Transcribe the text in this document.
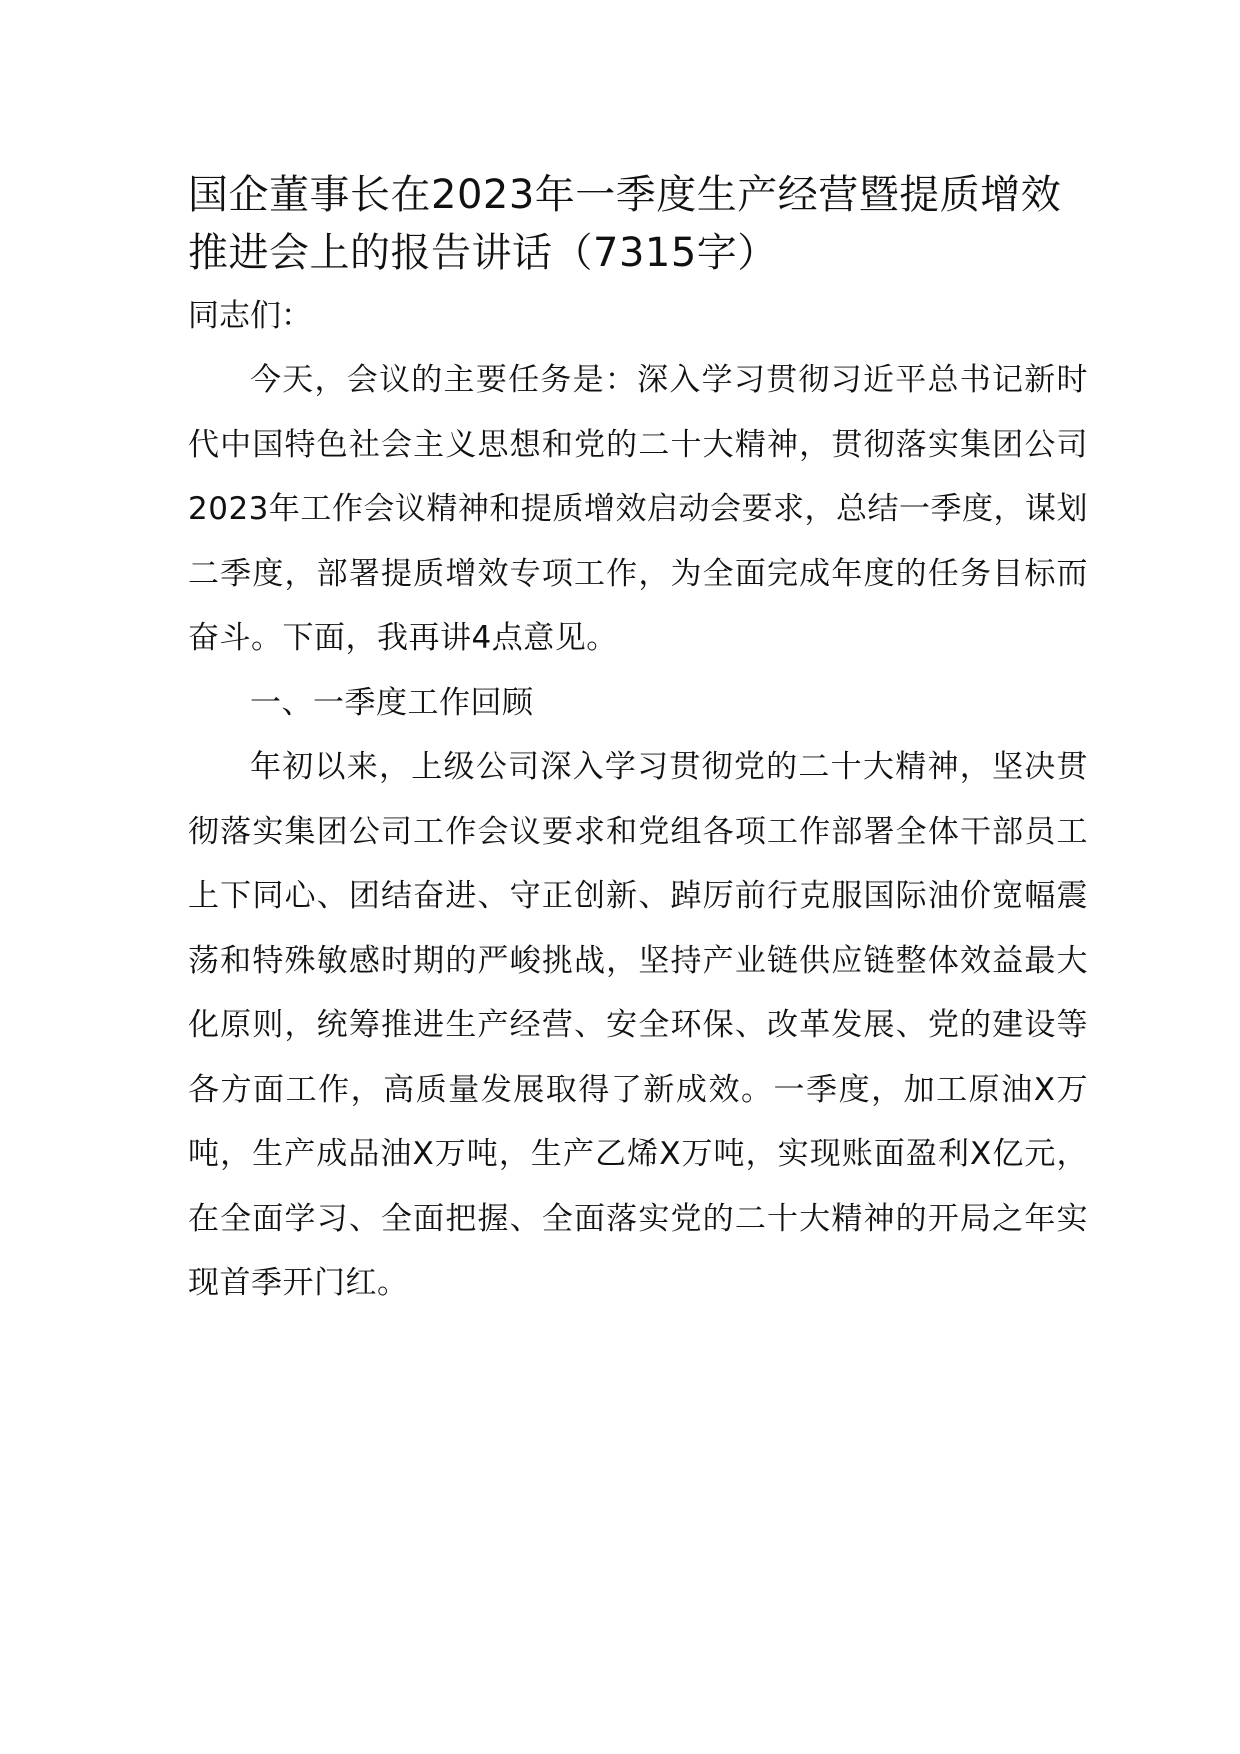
国企董事长在2023年一季度生产经营暨提质增效推进会上的报告讲话（7315字）

同志们：

今天，会议的主要任务是：深入学习贯彻习近平总书记新时代中国特色社会主义思想和党的二十大精神，贯彻落实集团公司2023年工作会议精神和提质增效启动会要求，总结一季度，谋划二季度，部署提质增效专项工作，为全面完成年度的任务目标而奋斗。下面，我再讲4点意见。

一、一季度工作回顾

年初以来，上级公司深入学习贯彻党的二十大精神，坚决贯彻落实集团公司工作会议要求和党组各项工作部署全体干部员工上下同心、团结奋进、守正创新、踔厉前行克服国际油价宽幅震荡和特殊敏感时期的严峻挑战，坚持产业链供应链整体效益最大化原则，统筹推进生产经营、安全环保、改革发展、党的建设等各方面工作，高质量发展取得了新成效。一季度，加工原油X万吨，生产成品油X万吨，生产乙烯X万吨，实现账面盈利X亿元，在全面学习、全面把握、全面落实党的二十大精神的开局之年实现首季开门红。
